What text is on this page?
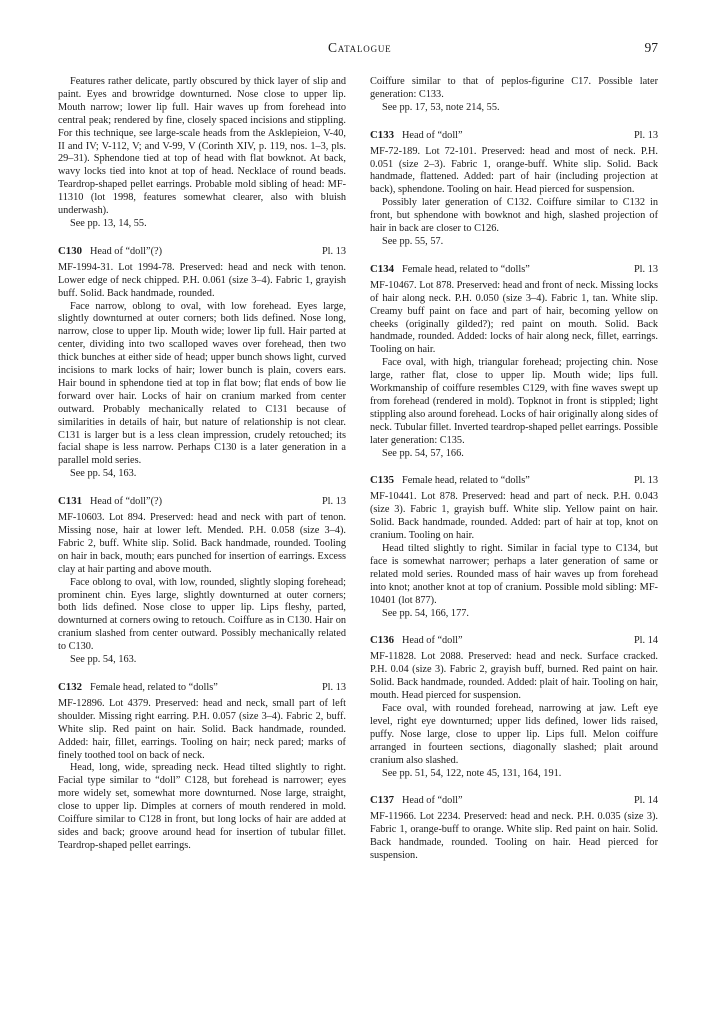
Catalogue	97

Features rather delicate, partly obscured by thick layer of slip and paint. Eyes and browridge downturned. Nose close to upper lip. Mouth narrow; lower lip full. Hair waves up from forehead into central peak; rendered by fine, closely spaced incisions and stippling. For this technique, see large-scale heads from the Asklepieion, V-40, II and IV; V-112, V; and V-99, V (Corinth XIV, p. 119, nos. 1–3, pls. 29–31). Sphendone tied at top of head with flat bowknot. At back, wavy locks tied into knot at top of head. Necklace of round beads. Teardrop-shaped pellet earrings. Probable mold sibling of head: MF-11310 (lot 1998, features somewhat clearer, also with bluish underwash).

See pp. 13, 14, 55.

C130 Head of “doll”(?)	Pl. 13

MF-1994-31. Lot 1994-78. Preserved: head and neck with tenon. Lower edge of neck chipped. P.H. 0.061 (size 3–4). Fabric 1, grayish buff. Solid. Back handmade, rounded.

Face narrow, oblong to oval, with low forehead. Eyes large, slightly downturned at outer corners; both lids defined. Nose long, narrow, close to upper lip. Mouth wide; lower lip full. Hair parted at center, dividing into two scalloped waves over forehead, then two thick bunches at either side of head; upper bunch shows light, curved incisions to mark locks of hair; lower bunch is plain, covers ears. Hair bound in sphendone tied at top in flat bow; flat ends of bow lie forward over hair. Locks of hair on cranium marked from center outward. Probably mechanically related to C131 because of similarities in details of hair, but nature of relationship is not clear. C131 is larger but is a less clean impression, crudely retouched; its facial shape is less narrow. Perhaps C130 is a later generation in a parallel mold series.

See pp. 54, 163.

C131 Head of “doll”(?)	Pl. 13

MF-10603. Lot 894. Preserved: head and neck with part of tenon. Missing nose, hair at lower left. Mended. P.H. 0.058 (size 3–4). Fabric 2, buff. White slip. Solid. Back handmade, rounded. Tooling on hair in back, mouth; ears punched for insertion of earrings. Excess clay at hair parting and above mouth.

Face oblong to oval, with low, rounded, slightly sloping forehead; prominent chin. Eyes large, slightly downturned at outer corners; both lids defined. Nose close to upper lip. Lips fleshy, parted, downturned at corners owing to retouch. Coiffure as in C130. Hair on cranium slashed from center outward. Possibly mechanically related to C130.

See pp. 54, 163.

C132 Female head, related to “dolls”	Pl. 13

MF-12896. Lot 4379. Preserved: head and neck, small part of left shoulder. Missing right earring. P.H. 0.057 (size 3–4). Fabric 2, buff. White slip. Red paint on hair. Solid. Back handmade, rounded. Added: hair, fillet, earrings. Tooling on hair; neck pared; marks of finely toothed tool on back of neck.

Head, long, wide, spreading neck. Head tilted slightly to right. Facial type similar to “doll” C128, but forehead is narrower; eyes more widely set, somewhat more downturned. Nose large, straight, close to upper lip. Dimples at corners of mouth rendered in mold. Coiffure similar to C128 in front, but long locks of hair are added at sides and back; groove around head for insertion of tubular fillet. Teardrop-shaped pellet earrings.

Coiffure similar to that of peplos-figurine C17. Possible later generation: C133.

See pp. 17, 53, note 214, 55.

C133 Head of “doll”	Pl. 13

MF-72-189. Lot 72-101. Preserved: head and most of neck. P.H. 0.051 (size 2–3). Fabric 1, orange-buff. White slip. Solid. Back handmade, flattened. Added: part of hair (including projection at back), sphendone. Tooling on hair. Head pierced for suspension.

Possibly later generation of C132. Coiffure similar to C132 in front, but sphendone with bowknot and high, slashed projection of hair in back are closer to C126.

See pp. 55, 57.

C134 Female head, related to “dolls”	Pl. 13

MF-10467. Lot 878. Preserved: head and front of neck. Missing locks of hair along neck. P.H. 0.050 (size 3–4). Fabric 1, tan. White slip. Creamy buff paint on face and part of hair, becoming yellow on cheeks (originally gilded?); red paint on mouth. Solid. Back handmade, rounded. Added: locks of hair along neck, fillet, earrings. Tooling on hair.

Face oval, with high, triangular forehead; projecting chin. Nose large, rather flat, close to upper lip. Mouth wide; lips full. Workmanship of coiffure resembles C129, with fine waves swept up from forehead (rendered in mold). Topknot in front is stippled; light stippling also around forehead. Locks of hair originally along sides of neck. Tubular fillet. Inverted teardrop-shaped pellet earrings. Possible later generation: C135.

See pp. 54, 57, 166.

C135 Female head, related to “dolls”	Pl. 13

MF-10441. Lot 878. Preserved: head and part of neck. P.H. 0.043 (size 3). Fabric 1, grayish buff. White slip. Yellow paint on hair. Solid. Back handmade, rounded. Added: part of hair at top, knot on cranium. Tooling on hair.

Head tilted slightly to right. Similar in facial type to C134, but face is somewhat narrower; perhaps a later generation of same or related mold series. Rounded mass of hair waves up from forehead into knot; another knot at top of cranium. Possible mold sibling: MF-10401 (lot 877).

See pp. 54, 166, 177.

C136 Head of “doll”	Pl. 14

MF-11828. Lot 2088. Preserved: head and neck. Surface cracked. P.H. 0.04 (size 3). Fabric 2, grayish buff, burned. Red paint on hair. Solid. Back handmade, rounded. Added: plait of hair. Tooling on hair, mouth. Head pierced for suspension.

Face oval, with rounded forehead, narrowing at jaw. Left eye level, right eye downturned; upper lids defined, lower lids raised, puffy. Nose large, close to upper lip. Lips full. Melon coiffure arranged in fourteen sections, diagonally slashed; plait around cranium also slashed.

See pp. 51, 54, 122, note 45, 131, 164, 191.

C137 Head of “doll”	Pl. 14

MF-11966. Lot 2234. Preserved: head and neck. P.H. 0.035 (size 3). Fabric 1, orange-buff to orange. White slip. Red paint on hair. Solid. Back handmade, rounded. Tooling on hair. Head pierced for suspension.
